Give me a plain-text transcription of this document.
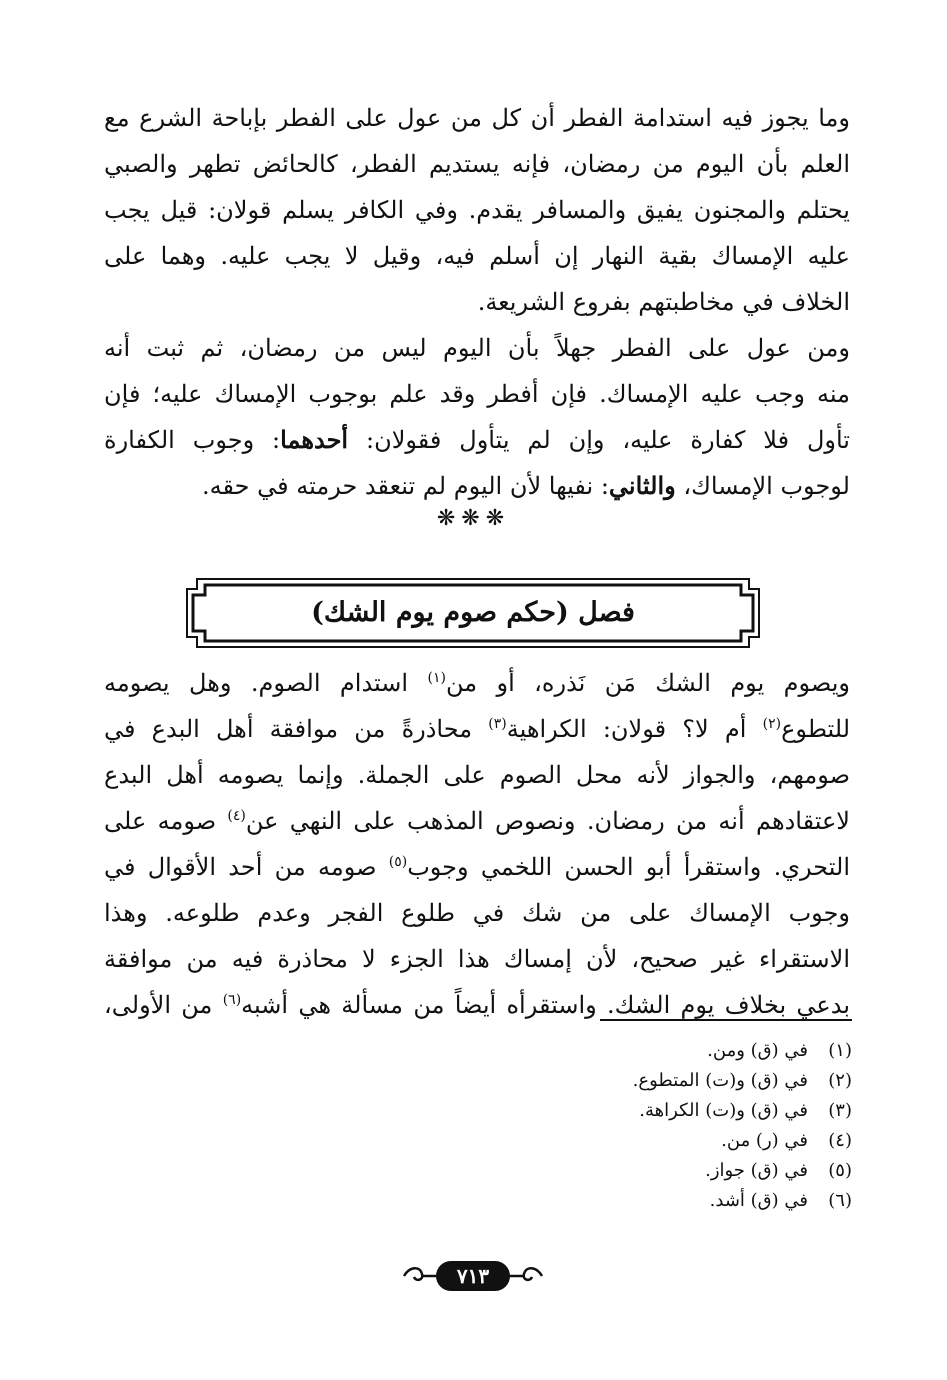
وما يجوز فيه استدامة الفطر أن كل من عول على الفطر بإباحة الشرع مع
العلم بأن اليوم من رمضان، فإنه يستديم الفطر، كالحائض تطهر والصبي
يحتلم والمجنون يفيق والمسافر يقدم. وفي الكافر يسلم قولان: قيل يجب
عليه الإمساك بقية النهار إن أسلم فيه، وقيل لا يجب عليه. وهما على
الخلاف في مخاطبتهم بفروع الشريعة.
ومن عول على الفطر جهلاً بأن اليوم ليس من رمضان، ثم ثبت أنه
منه وجب عليه الإمساك. فإن أفطر وقد علم بوجوب الإمساك عليه؛ فإن
تأول فلا كفارة عليه، وإن لم يتأول فقولان: أحدهما: وجوب الكفارة
لوجوب الإمساك، والثاني: نفيها لأن اليوم لم تنعقد حرمته في حقه.
❋❋❋
فصل (حكم صوم يوم الشك)
ويصوم يوم الشك مَن نَذره، أو من$^{(١)}$ استدام الصوم. وهل يصومه
للتطوع$^{(٢)}$ أم لا؟ قولان: الكراهية$^{(٣)}$ محاذرةً من موافقة أهل البدع في
صومهم، والجواز لأنه محل الصوم على الجملة. وإنما يصومه أهل البدع
لاعتقادهم أنه من رمضان. ونصوص المذهب على النهي عن$^{(٤)}$ صومه على
التحري. واستقرأ أبو الحسن اللخمي وجوب$^{(٥)}$ صومه من أحد الأقوال في
وجوب الإمساك على من شك في طلوع الفجر وعدم طلوعه. وهذا
الاستقراء غير صحيح، لأن إمساك هذا الجزء لا محاذرة فيه من موافقة
بدعي بخلاف يوم الشك. واستقرأه أيضاً من مسألة هي أشبه$^{(٦)}$ من الأولى،
(١)في (ق) ومن.
(٢)في (ق) و(ت) المتطوع.
(٣)في (ق) و(ت) الكراهة.
(٤)في (ر) من.
(٥)في (ق) جواز.
(٦)في (ق) أشد.
٧١٣
